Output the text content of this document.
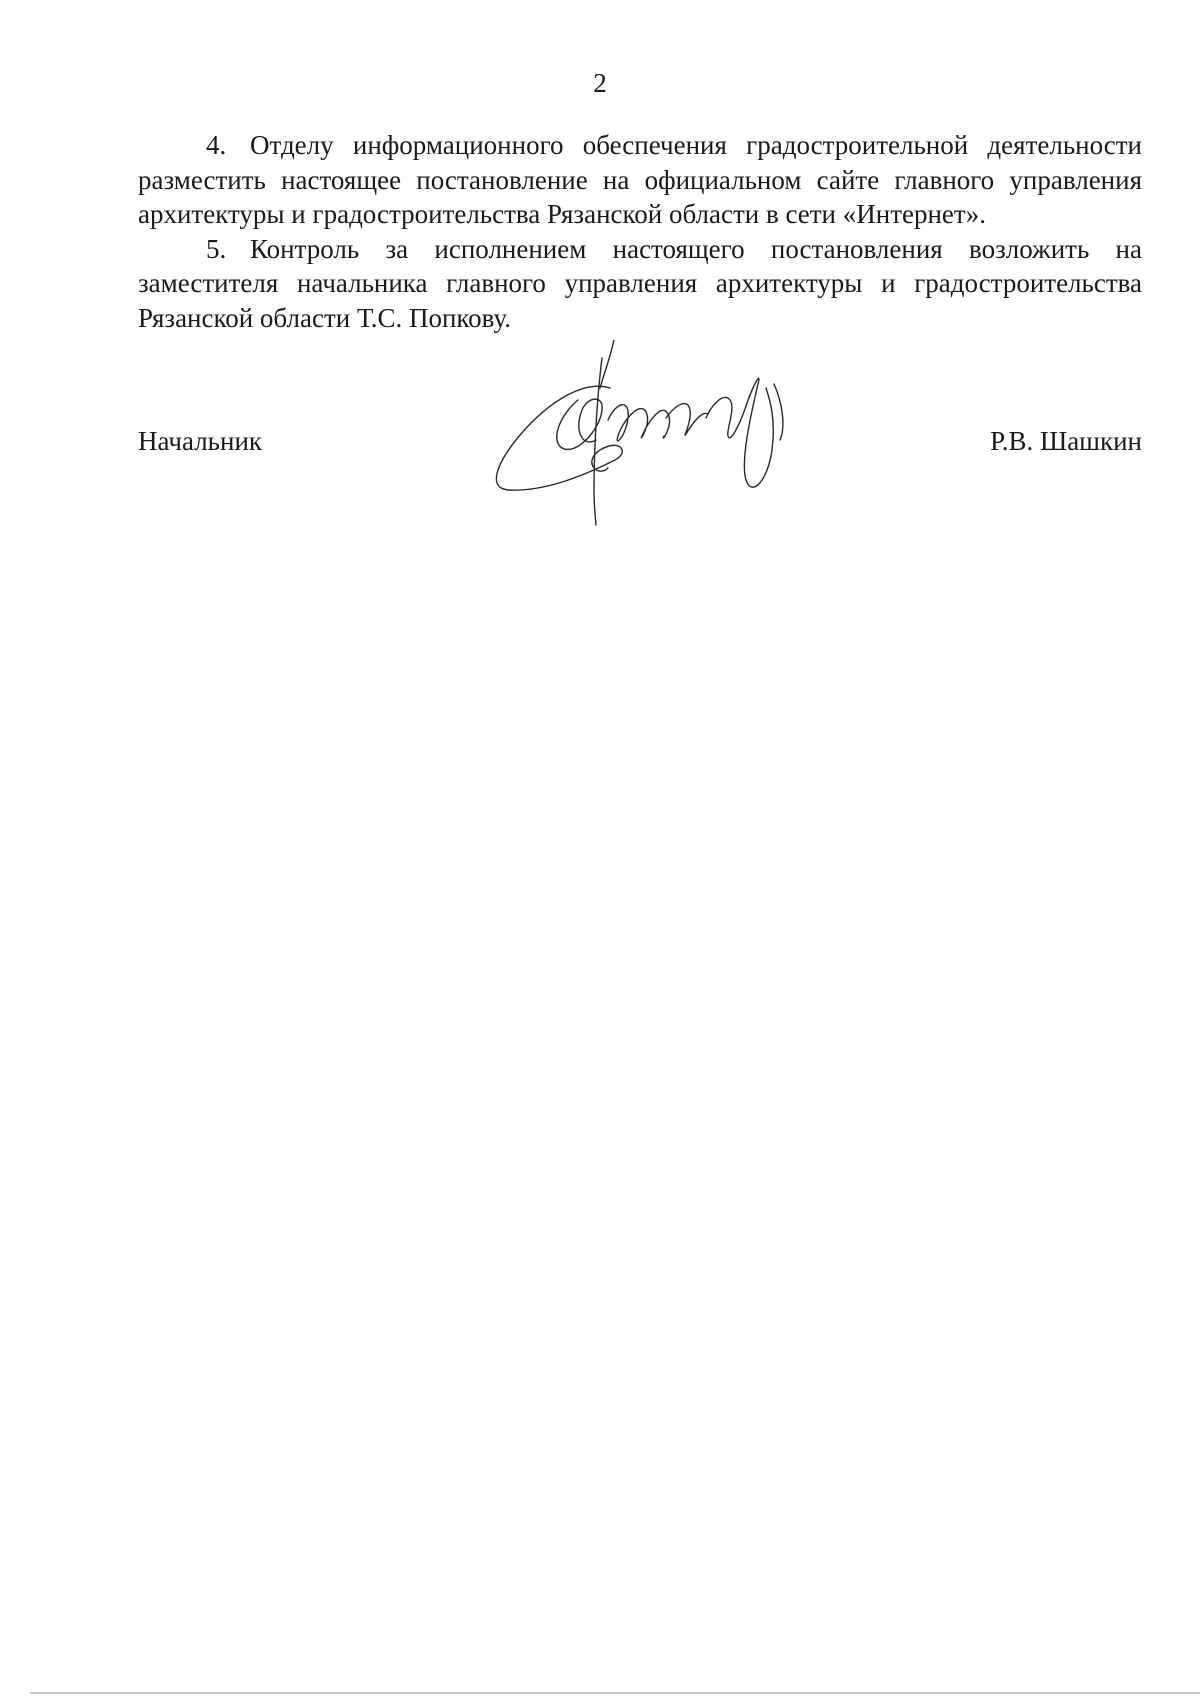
2

4. Отделу информационного обеспечения градостроительной деятельности разместить настоящее постановление на официальном сайте главного управления архитектуры и градостроительства Рязанской области в сети «Интернет».

5. Контроль за исполнением настоящего постановления возложить на заместителя начальника главного управления архитектуры и градостроительства Рязанской области Т.С. Попкову.

Начальник	Р.В. Шашкин
